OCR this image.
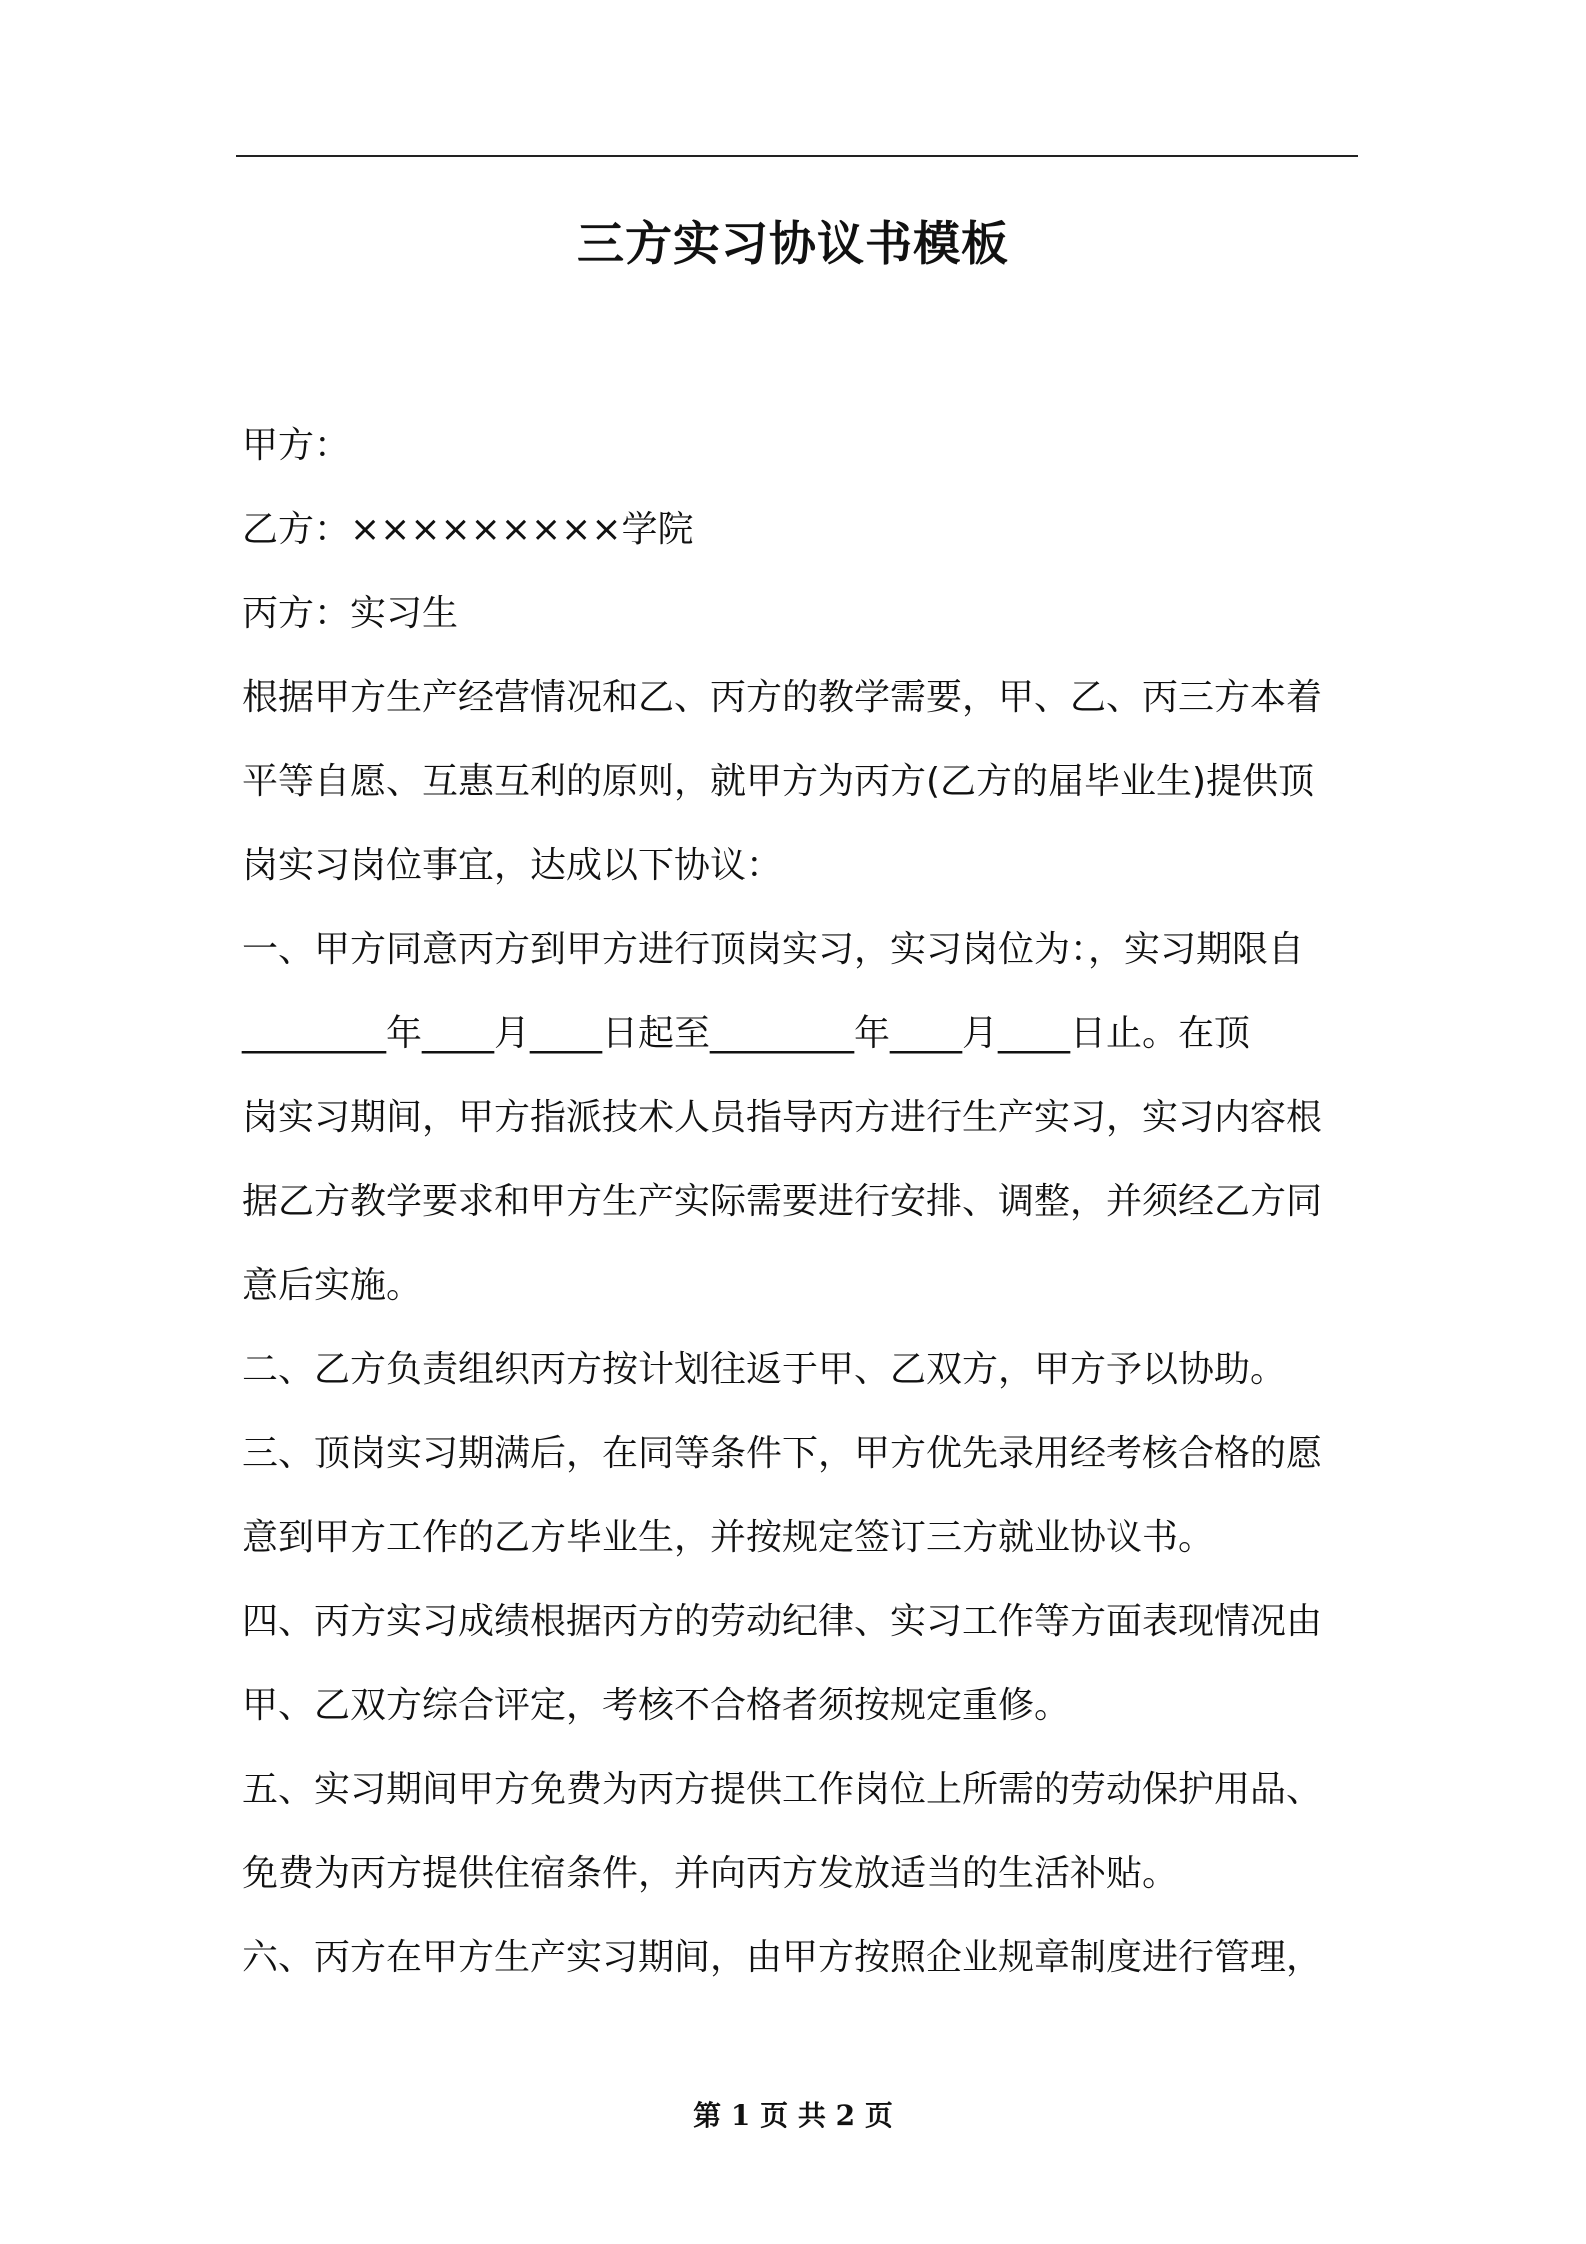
三方实习协议书模板
甲方：
乙方：×××××××××学院
丙方：实习生
根据甲方生产经营情况和乙、丙方的教学需要，甲、乙、丙三方本着
平等自愿、互惠互利的原则，就甲方为丙方(乙方的届毕业生)提供顶
岗实习岗位事宜，达成以下协议：
一、甲方同意丙方到甲方进行顶岗实习，实习岗位为：，实习期限自
________年____月____日起至________年____月____日止。在顶
岗实习期间，甲方指派技术人员指导丙方进行生产实习，实习内容根
据乙方教学要求和甲方生产实际需要进行安排、调整，并须经乙方同
意后实施。
二、乙方负责组织丙方按计划往返于甲、乙双方，甲方予以协助。
三、顶岗实习期满后，在同等条件下，甲方优先录用经考核合格的愿
意到甲方工作的乙方毕业生，并按规定签订三方就业协议书。
四、丙方实习成绩根据丙方的劳动纪律、实习工作等方面表现情况由
甲、乙双方综合评定，考核不合格者须按规定重修。
五、实习期间甲方免费为丙方提供工作岗位上所需的劳动保护用品、
免费为丙方提供住宿条件，并向丙方发放适当的生活补贴。
六、丙方在甲方生产实习期间，由甲方按照企业规章制度进行管理，
第 1 页 共 2 页
